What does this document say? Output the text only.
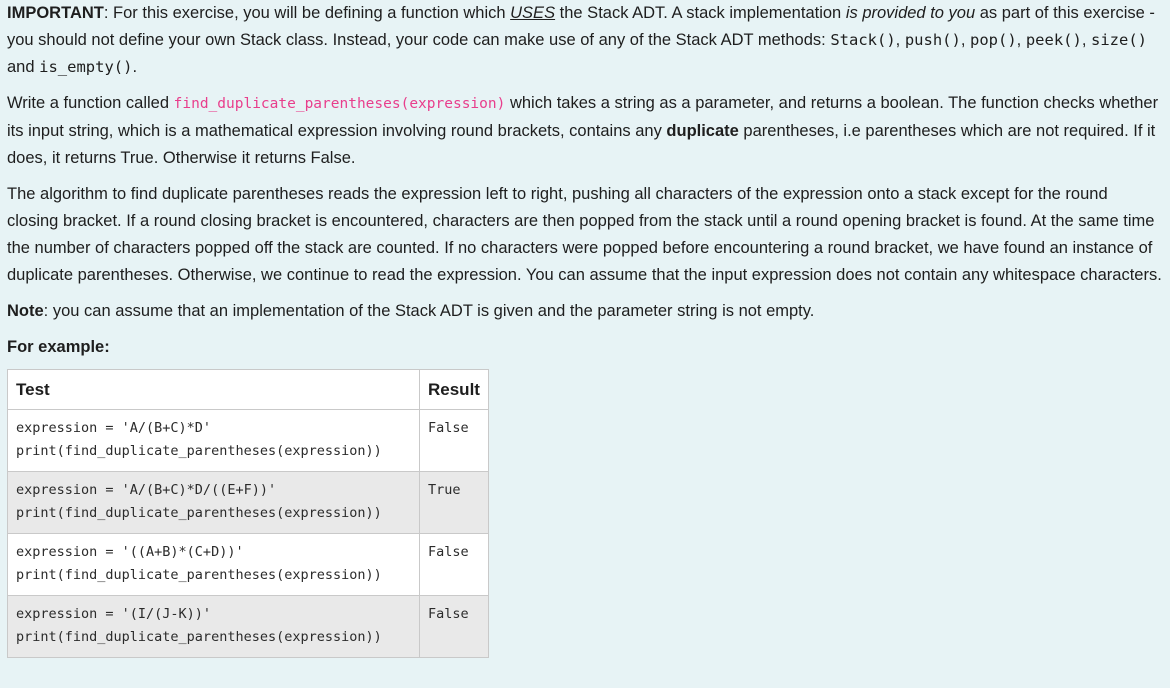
IMPORTANT: For this exercise, you will be defining a function which USES the Stack ADT. A stack implementation is provided to you as part of this exercise - you should not define your own Stack class. Instead, your code can make use of any of the Stack ADT methods: Stack(), push(), pop(), peek(), size() and is_empty().

Write a function called find_duplicate_parentheses(expression) which takes a string as a parameter, and returns a boolean. The function checks whether its input string, which is a mathematical expression involving round brackets, contains any duplicate parentheses, i.e parentheses which are not required. If it does, it returns True. Otherwise it returns False.

The algorithm to find duplicate parentheses reads the expression left to right, pushing all characters of the expression onto a stack except for the round closing bracket. If a round closing bracket is encountered, characters are then popped from the stack until a round opening bracket is found. At the same time the number of characters popped off the stack are counted. If no characters were popped before encountering a round bracket, we have found an instance of duplicate parentheses. Otherwise, we continue to read the expression. You can assume that the input expression does not contain any whitespace characters.

Note: you can assume that an implementation of the Stack ADT is given and the parameter string is not empty.

For example:

Test	Result
expression = 'A/(B+C)*D'
print(find_duplicate_parentheses(expression))	False
expression = 'A/(B+C)*D/((E+F))'
print(find_duplicate_parentheses(expression))	True
expression = '((A+B)*(C+D))'
print(find_duplicate_parentheses(expression))	False
expression = '(I/(J-K))'
print(find_duplicate_parentheses(expression))	False
